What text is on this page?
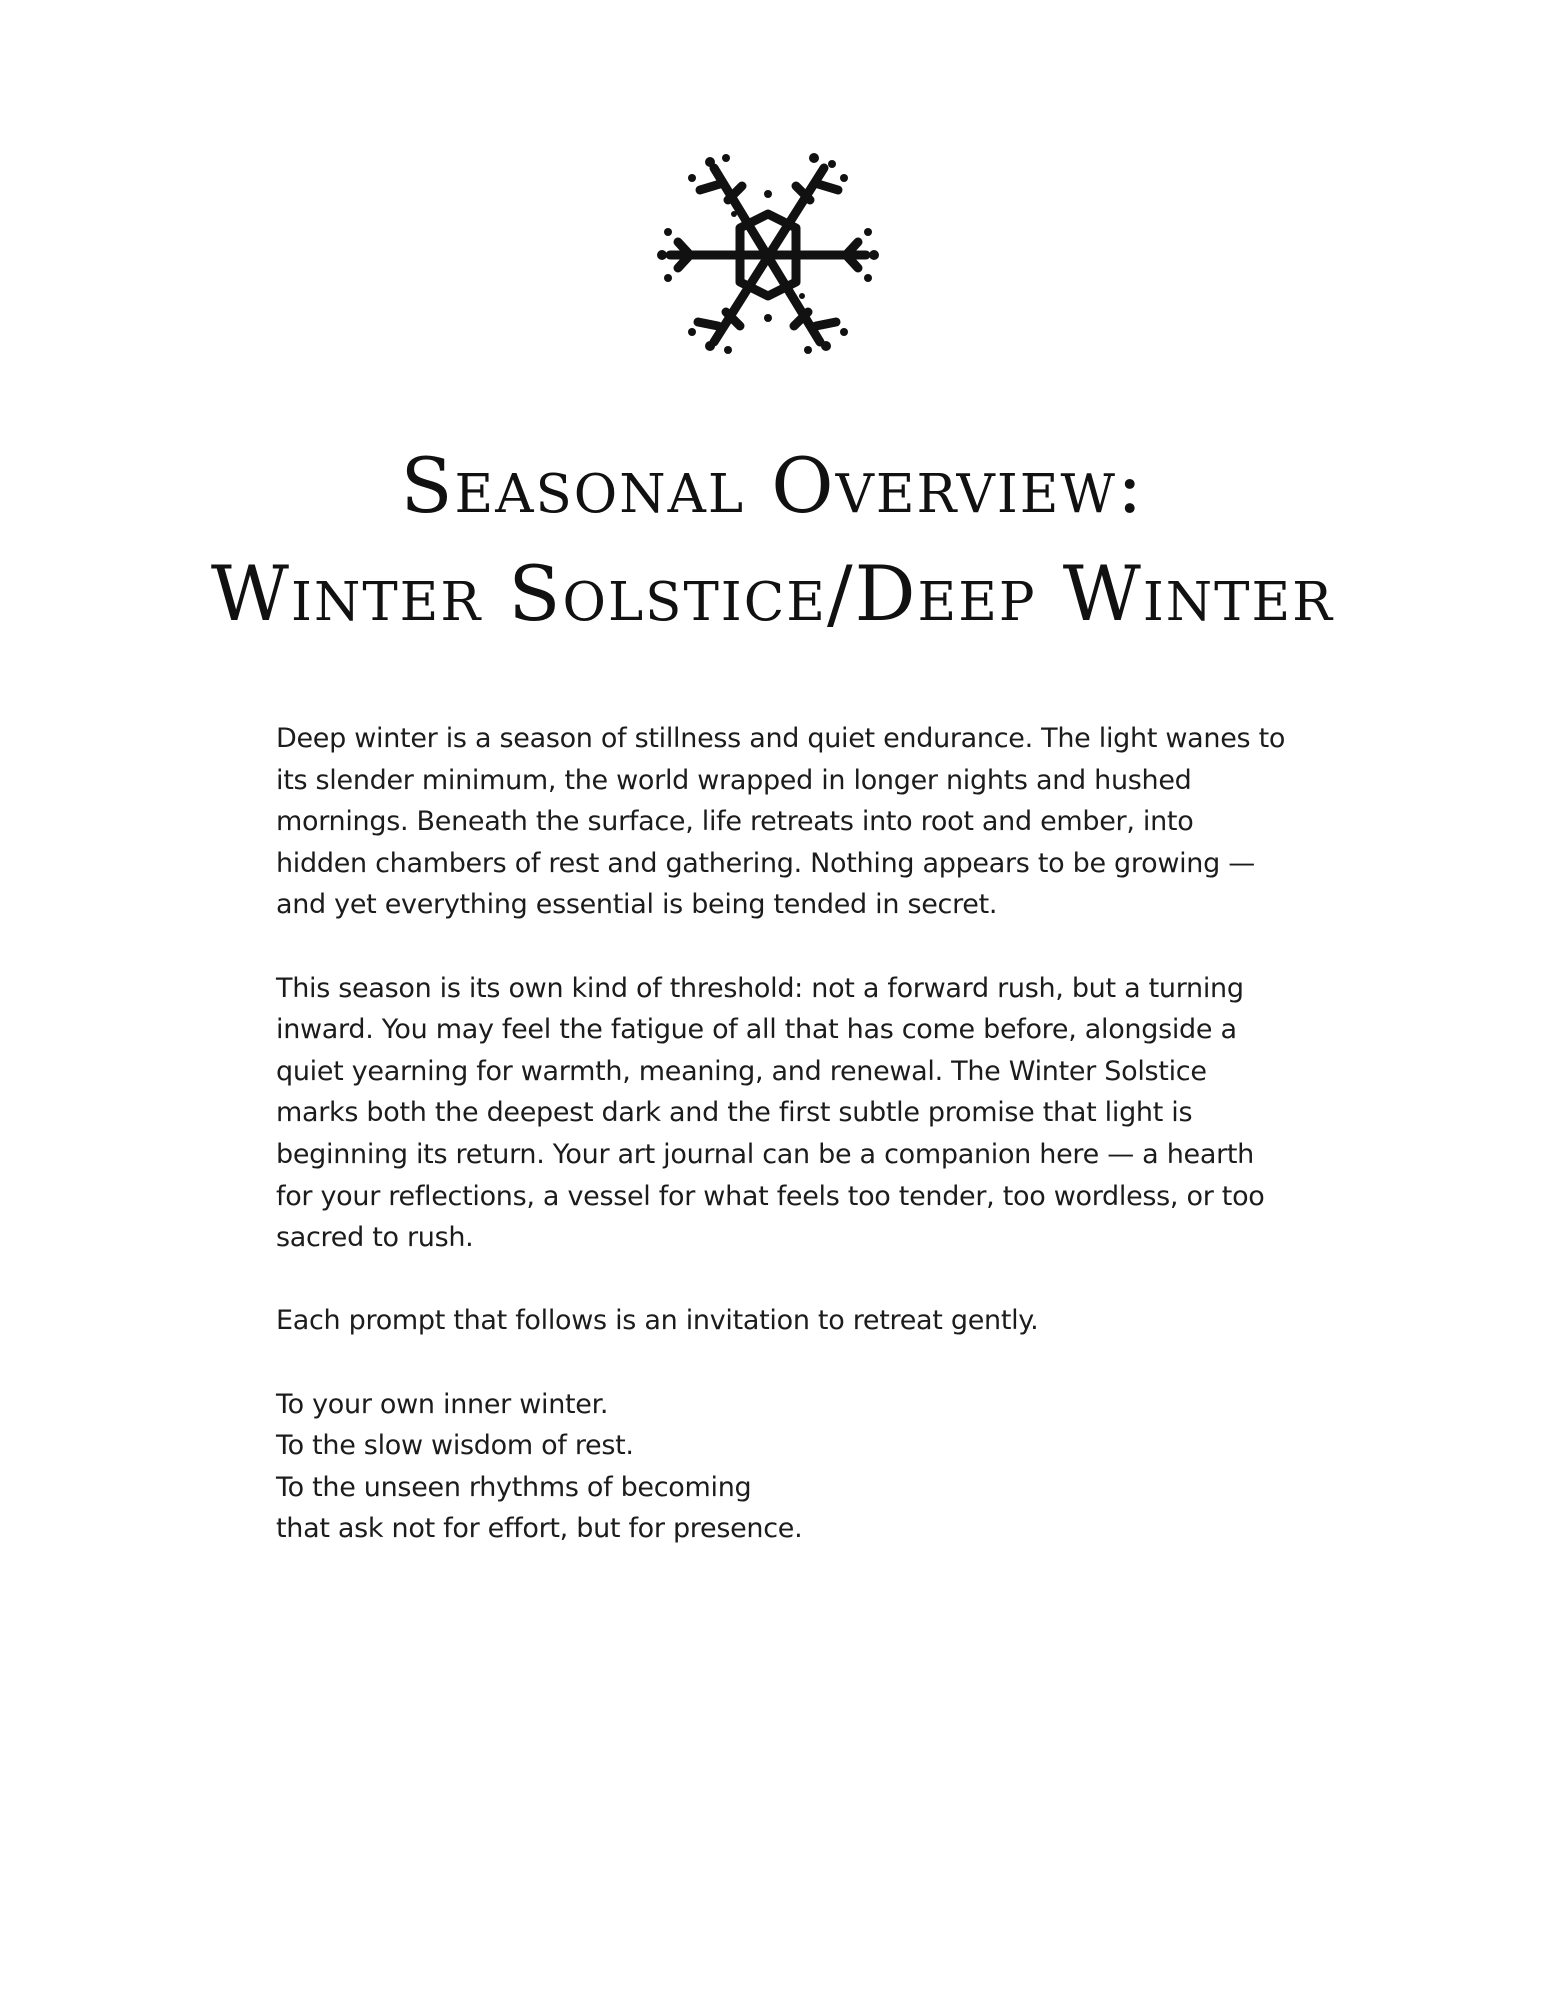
Seasonal Overview:
Winter Solstice/Deep Winter

Deep winter is a season of stillness and quiet endurance. The light wanes to its slender minimum, the world wrapped in longer nights and hushed mornings. Beneath the surface, life retreats into root and ember, into hidden chambers of rest and gathering. Nothing appears to be growing — and yet everything essential is being tended in secret.

This season is its own kind of threshold: not a forward rush, but a turning inward. You may feel the fatigue of all that has come before, alongside a quiet yearning for warmth, meaning, and renewal. The Winter Solstice marks both the deepest dark and the first subtle promise that light is beginning its return. Your art journal can be a companion here — a hearth for your reflections, a vessel for what feels too tender, too wordless, or too sacred to rush.

Each prompt that follows is an invitation to retreat gently.

To your own inner winter.
To the slow wisdom of rest.
To the unseen rhythms of becoming
that ask not for effort, but for presence.
